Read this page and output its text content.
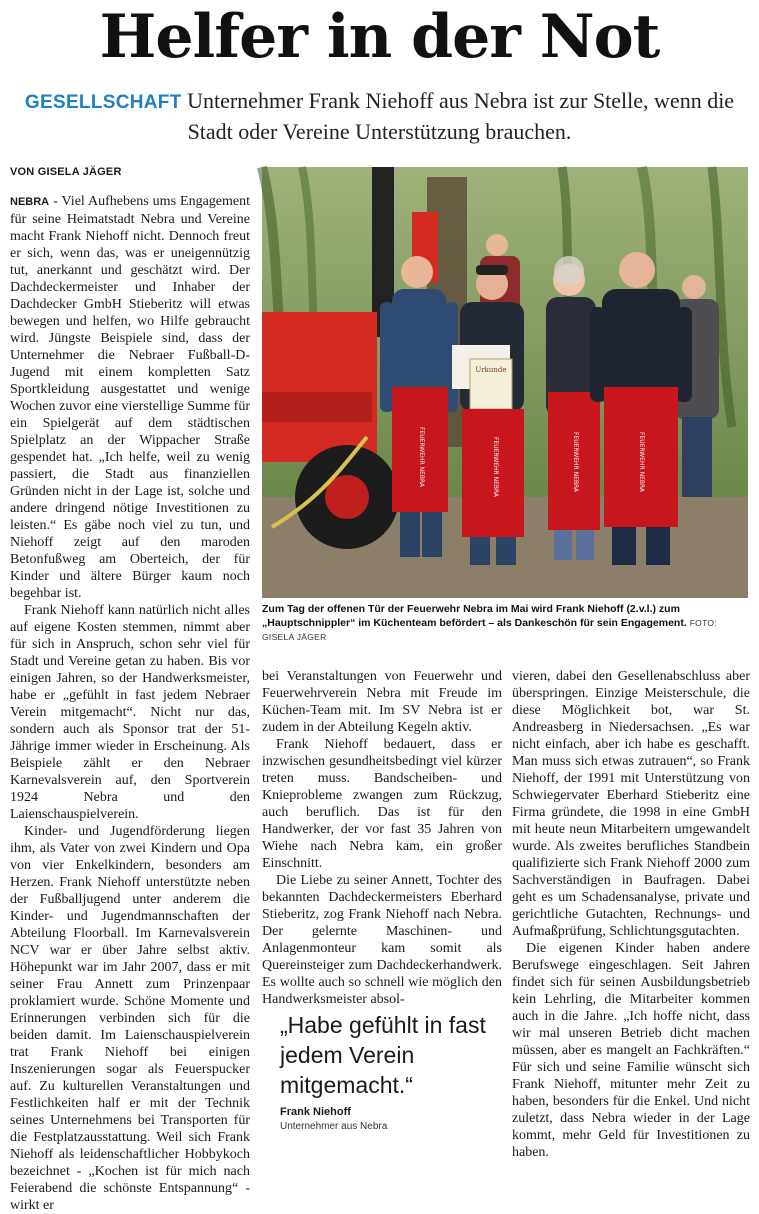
Helfer in der Not
GESELLSCHAFT Unternehmer Frank Niehoff aus Nebra ist zur Stelle, wenn die Stadt oder Vereine Unterstützung brauchen.
VON GISELA JÄGER

NEBRA - Viel Aufhebens ums Engagement für seine Heimatstadt Nebra und Vereine macht Frank Niehoff nicht. Dennoch freut er sich, wenn das, was er uneigennützig tut, anerkannt und geschätzt wird. Der Dachdeckermeister und Inhaber der Dachdecker GmbH Stieberitz will etwas bewegen und helfen, wo Hilfe gebraucht wird. Jüngste Beispiele sind, dass der Unternehmer die Nebraer Fußball-D-Jugend mit einem kompletten Satz Sportkleidung ausgestattet und wenige Wochen zuvor eine vierstellige Summe für ein Spielgerät auf dem städtischen Spielplatz an der Wippacher Straße gespendet hat. „Ich helfe, weil zu wenig passiert, die Stadt aus finanziellen Gründen nicht in der Lage ist, solche und andere dringend nötige Investitionen zu leisten.“ Es gäbe noch viel zu tun, und Niehoff zeigt auf den maroden Betonfußweg am Oberteich, der für Kinder und ältere Bürger kaum noch begehbar ist.

Frank Niehoff kann natürlich nicht alles auf eigene Kosten stemmen, nimmt aber für sich in Anspruch, schon sehr viel für Stadt und Vereine getan zu haben. Bis vor einigen Jahren, so der Handwerksmeister, habe er „gefühlt in fast jedem Nebraer Verein mitgemacht“. Nicht nur das, sondern auch als Sponsor trat der 51-Jährige immer wieder in Erscheinung. Als Beispiele zählt er den Nebraer Karnevalsverein auf, den Sportverein 1924 Nebra und den Laienschauspielverein.

Kinder- und Jugendförderung liegen ihm, als Vater von zwei Kindern und Opa von vier Enkelkindern, besonders am Herzen. Frank Niehoff unterstützte neben der Fußballjugend unter anderem die Kinder- und Jugendmannschaften der Abteilung Floorball. Im Karnevalsverein NCV war er über Jahre selbst aktiv. Höhepunkt war im Jahr 2007, dass er mit seiner Frau Annett zum Prinzenpaar proklamiert wurde. Schöne Momente und Erinnerungen verbinden sich für die beiden damit. Im Laienschauspielverein trat Frank Niehoff bei einigen Inszenierungen sogar als Feuerspucker auf. Zu kulturellen Veranstaltungen und Festlichkeiten half er mit der Technik seines Unternehmens bei Transporten für die Festplatzausstattung. Weil sich Frank Niehoff als leidenschaftlicher Hobbykoch bezeichnet - „Kochen ist für mich nach Feierabend die schönste Entspannung“ - wirkt er

FEUERWEHR NEBRA
Urkunde
FEUERWEHR NEBRA	FEUERWEHR NEBRA	FEUERWEHR NEBRA
Zum Tag der offenen Tür der Feuerwehr Nebra im Mai wird Frank Niehoff (2.v.l.) zum „Hauptschnippler“ im Küchenteam befördert – als Dankeschön für sein Engagement. FOTO: GISELA JÄGER

bei Veranstaltungen von Feuerwehr und Feuerwehrverein Nebra mit Freude im Küchen-Team mit. Im SV Nebra ist er zudem in der Abteilung Kegeln aktiv.

Frank Niehoff bedauert, dass er inzwischen gesundheitsbedingt viel kürzer treten muss. Bandscheiben- und Knieprobleme zwangen zum Rückzug, auch beruflich. Das ist für den Handwerker, der vor fast 35 Jahren von Wiehe nach Nebra kam, ein großer Einschnitt.

Die Liebe zu seiner Annett, Tochter des bekannten Dachdeckermeisters Eberhard Stieberitz, zog Frank Niehoff nach Nebra. Der gelernte Maschinen- und Anlagenmonteur kam somit als Quereinsteiger zum Dachdeckerhandwerk. Es wollte auch so schnell wie möglich den Handwerksmeister absol-

vieren, dabei den Gesellenabschluss aber überspringen. Einzige Meisterschule, die diese Möglichkeit bot, war St. Andreasberg in Niedersachsen. „Es war nicht einfach, aber ich habe es geschafft. Man muss sich etwas zutrauen“, so Frank Niehoff, der 1991 mit Unterstützung von Schwiegervater Eberhard Stieberitz eine Firma gründete, die 1998 in eine GmbH mit heute neun Mitarbeitern umgewandelt wurde. Als zweites berufliches Standbein qualifizierte sich Frank Niehoff 2000 zum Sachverständigen in Baufragen. Dabei geht es um Schadensanalyse, private und gerichtliche Gutachten, Rechnungs- und Aufmaßprüfung, Schlichtungsgutachten.

Die eigenen Kinder haben andere Berufswege eingeschlagen. Seit Jahren findet sich für seinen Ausbildungsbetrieb kein Lehrling, die Mitarbeiter kommen auch in die Jahre. „Ich hoffe nicht, dass wir mal unseren Betrieb dicht machen müssen, aber es mangelt an Fachkräften.“ Für sich und seine Familie wünscht sich Frank Niehoff, mitunter mehr Zeit zu haben, besonders für die Enkel. Und nicht zuletzt, dass Nebra wieder in der Lage kommt, mehr Geld für Investitionen zu haben.

„Habe gefühlt in fast jedem Verein mitgemacht.“
Frank Niehoff
Unternehmer aus Nebra
